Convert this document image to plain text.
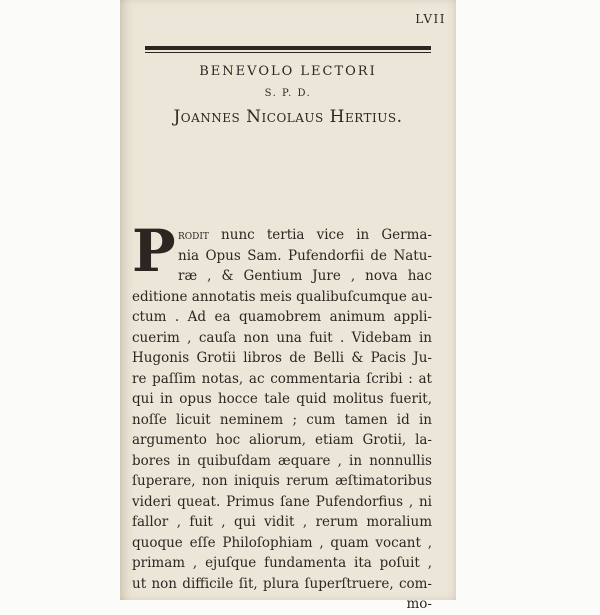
LVII
BENEVOLO LECTORI
S. P. D.
Joannes Nicolaus Hertius.
P rodit nunc tertia vice in Germa-
nia Opus Sam. Pufendorfii de Natu-
ræ , & Gentium Jure , nova hac
editione annotatis meis qualibuſcumque au-
ctum . Ad ea quamobrem animum appli-
cuerim , cauſa non una fuit . Videbam in
Hugonis Grotii libros de Belli & Pacis Ju-
re paſſim notas, ac commentaria ſcribi : at
qui in opus hocce tale quid molitus fuerit,
noſſe licuit neminem ; cum tamen id in
argumento hoc aliorum, etiam Grotii, la-
bores in quibuſdam æquare , in nonnullis
ſuperare, non iniquis rerum æſtimatoribus
videri queat. Primus ſane Pufendorfius , ni
fallor , fuit , qui vidit , rerum moralium
quoque eſſe Philoſophiam , quam vocant ,
primam , ejuſque fundamenta ita poſuit ,
ut non difficile ſit, plura ſuperſtruere, com-
mo-
